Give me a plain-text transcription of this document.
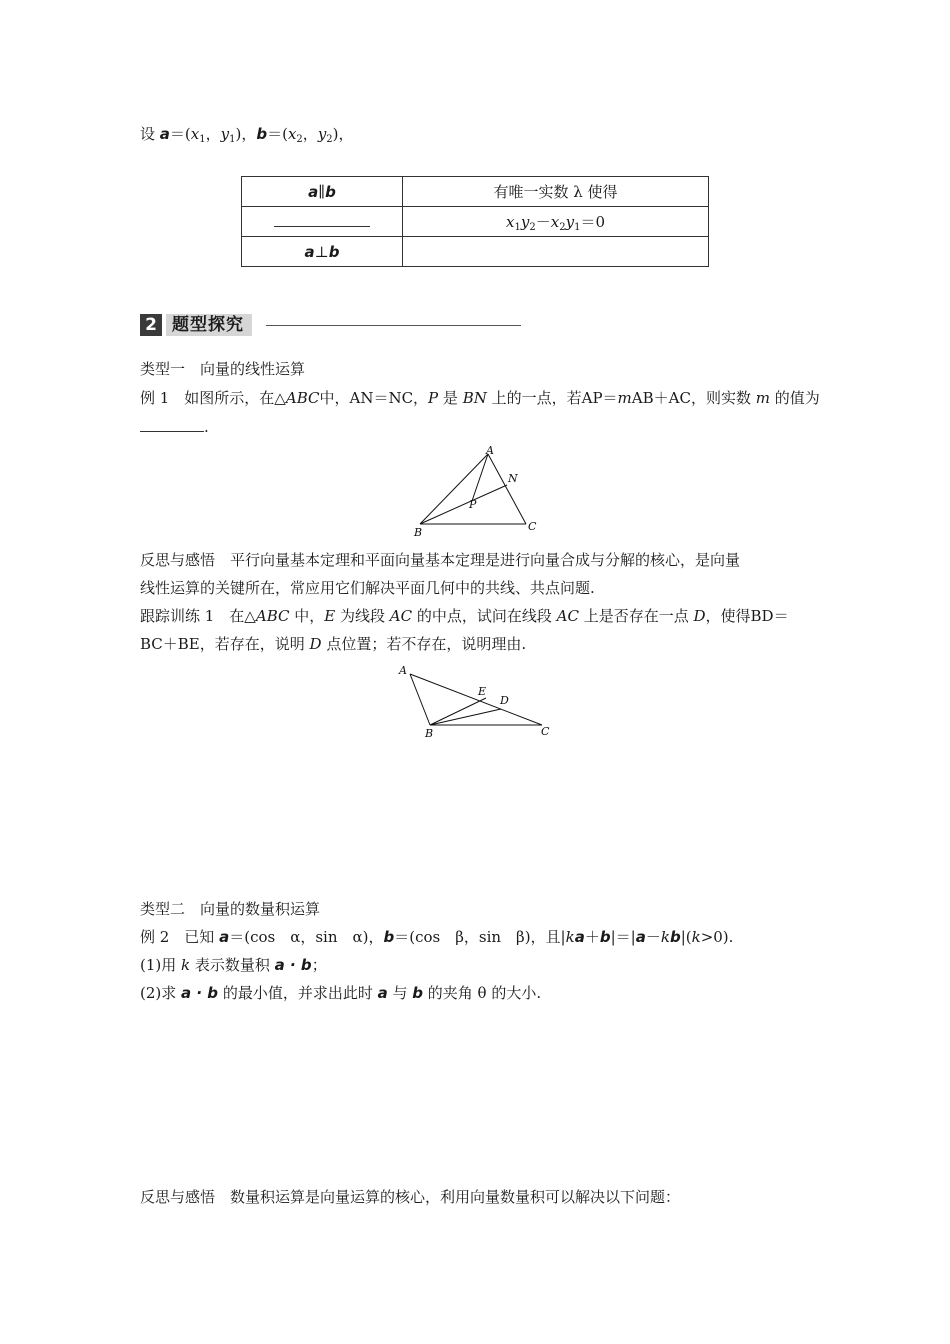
设 $a=(x_1$，$y_1$)，$b=(x_2$，$y_2$)，
a∥b	有唯一实数 λ 使得
	$x_1y_2-x_2y_1=0$
a⊥b	
2 题型探究
类型一　向量的线性运算
例 1　如图所示，在△ABC中，AN＝NC，P 是 BN 上的一点，若AP＝mAB＋AC，则实数 m 的值为
.
A
B	C
N
P
反思与感悟　平行向量基本定理和平面向量基本定理是进行向量合成与分解的核心，是向量
线性运算的关键所在，常应用它们解决平面几何中的共线、共点问题.
跟踪训练 1　在△ABC 中，E 为线段 AC 的中点，试问在线段 AC 上是否存在一点 D，使得BD＝
BC＋BE，若存在，说明 D 点位置；若不存在，说明理由.
A
B	C
D
E
类型二　向量的数量积运算
例 2　已知 a＝(cos　α，sin　α)，b＝(cos　β，sin　β)，且|ka＋b|＝|a－kb|(k>0).
(1)用 k 表示数量积 a · b；
(2)求 a · b 的最小值，并求出此时 a 与 b 的夹角 θ 的大小.
反思与感悟　数量积运算是向量运算的核心，利用向量数量积可以解决以下问题：
